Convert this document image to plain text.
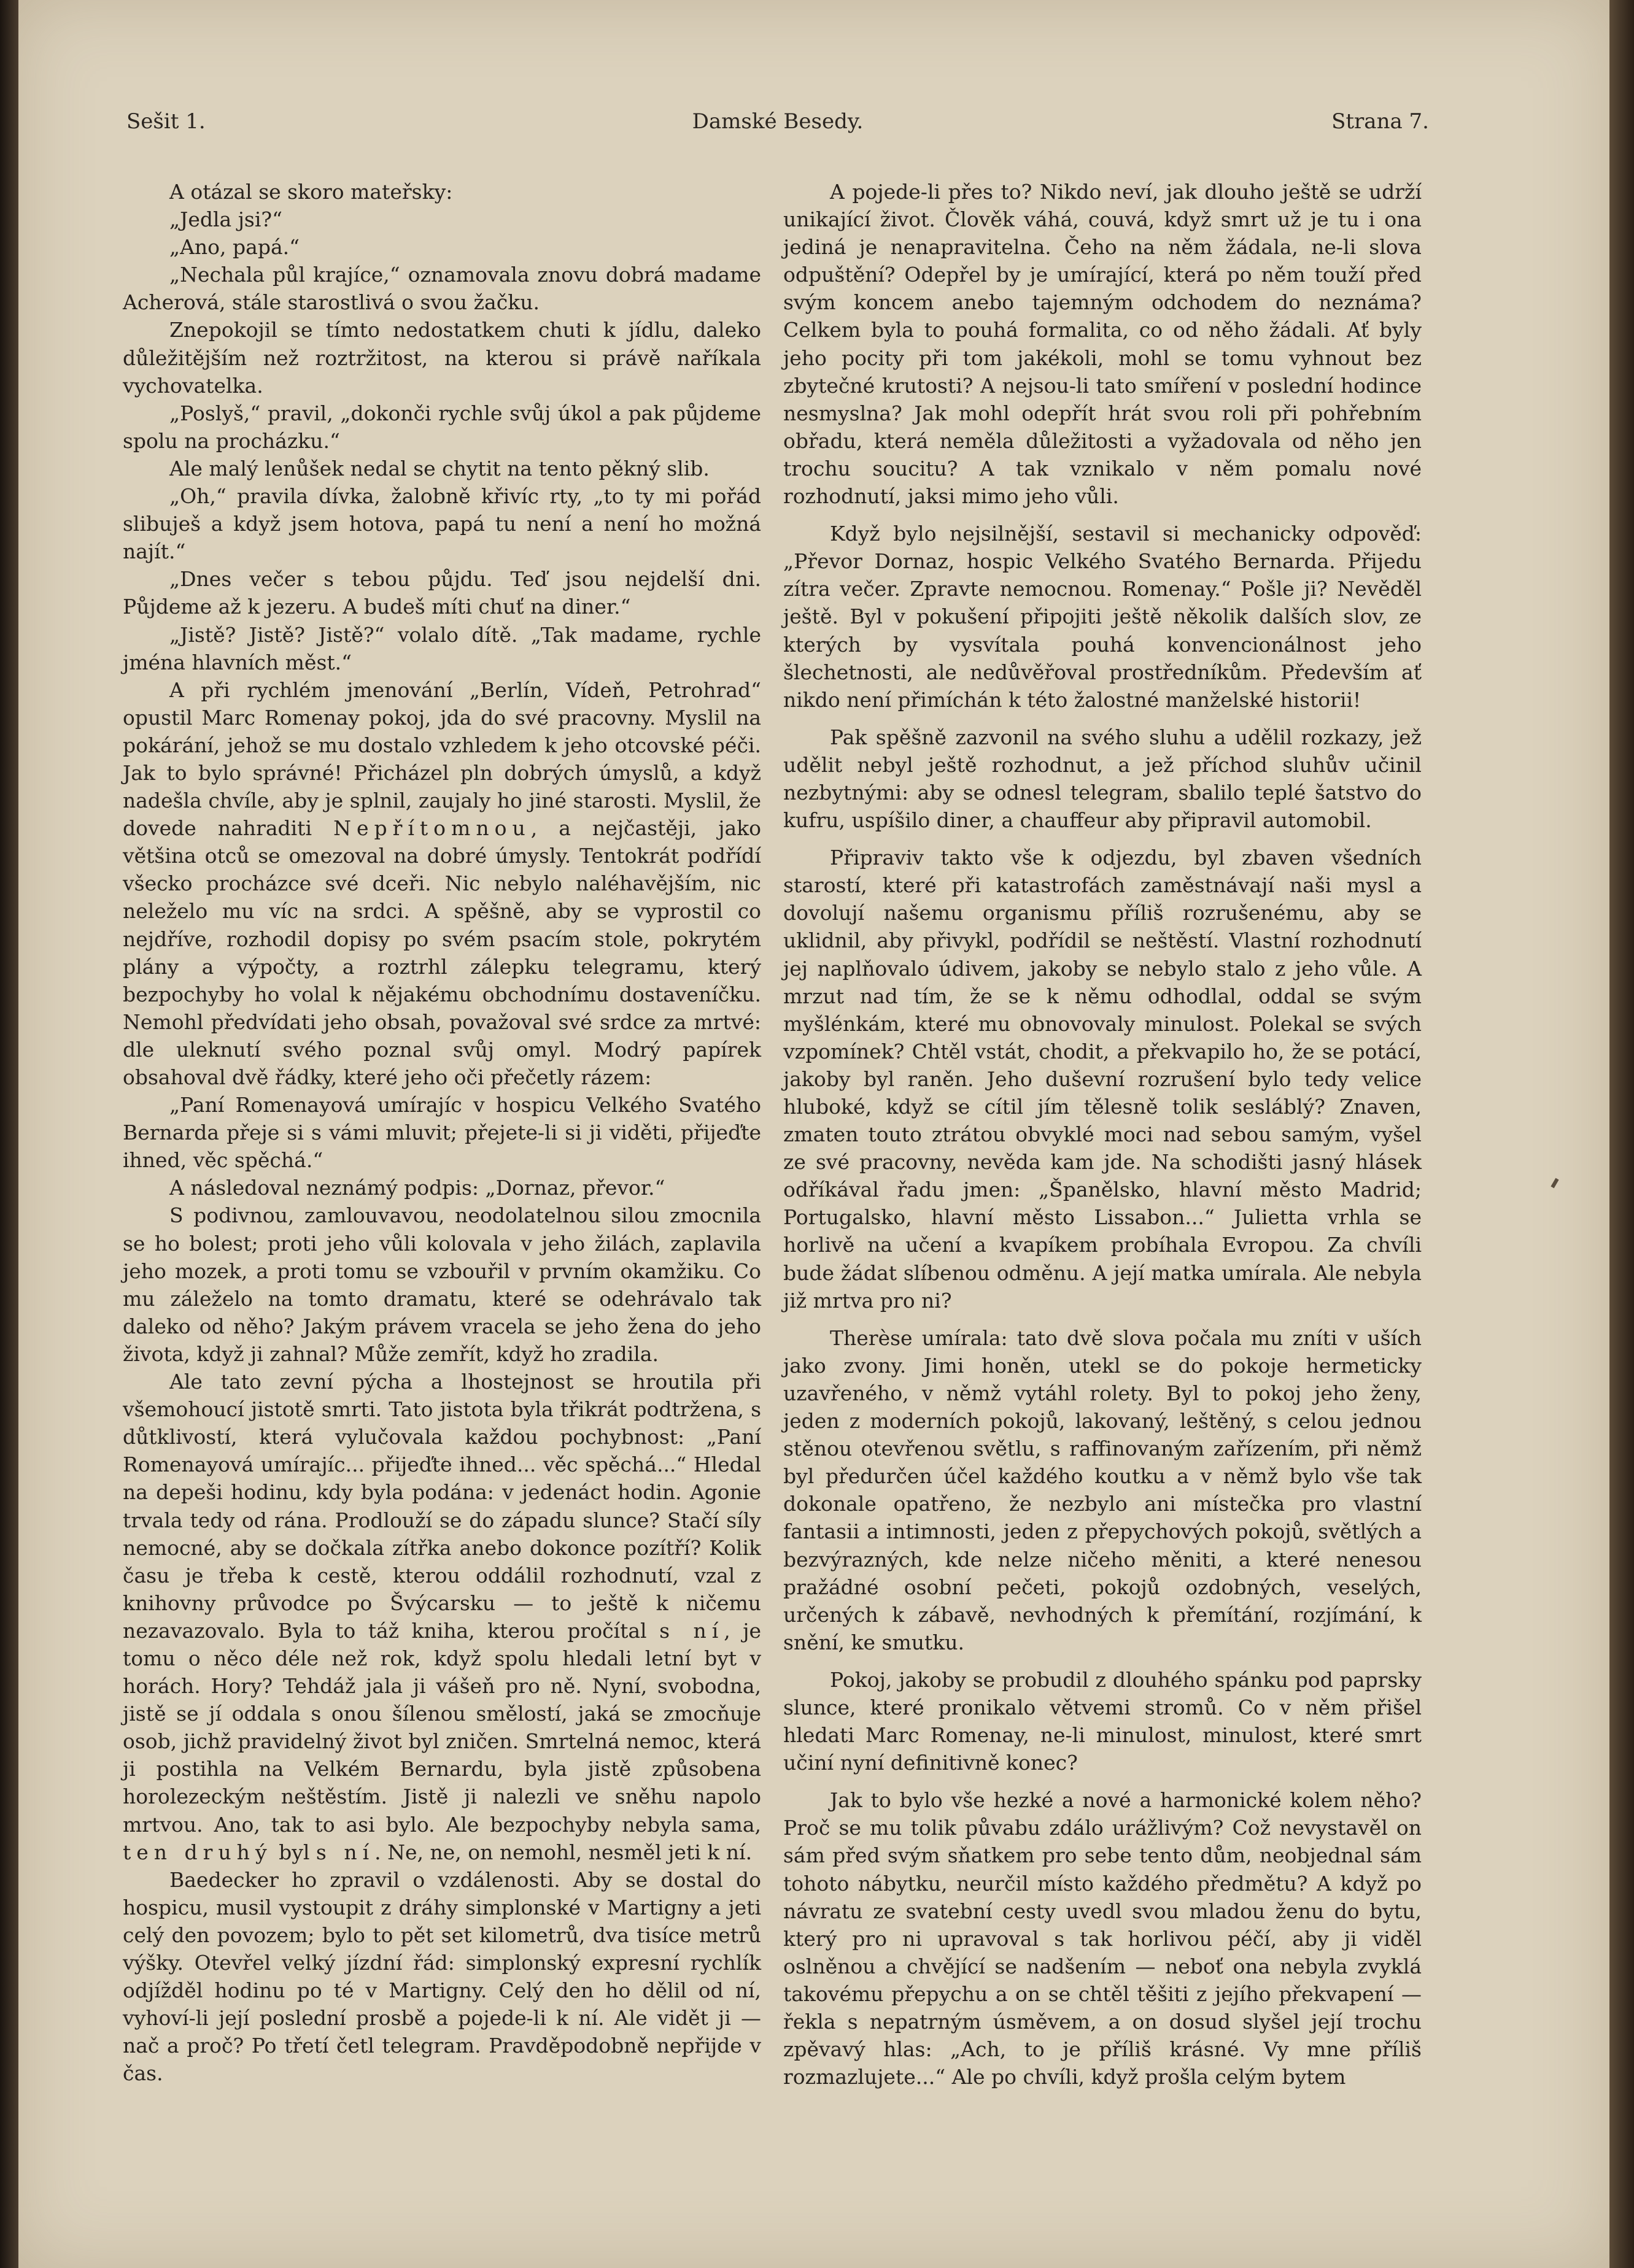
Sešit 1.	Damské Besedy.	Strana 7.

A otázal se skoro mateřsky:

„Jedla jsi?“

„Ano, papá.“

„Nechala půl krajíce,“ oznamovala znovu dobrá madame Acherová, stále starostlivá o svou žačku.

Znepokojil se tímto nedostatkem chuti k jídlu, daleko důležitějším než roztržitost, na kterou si právě naříkala vychovatelka.

„Poslyš,“ pravil, „dokonči rychle svůj úkol a pak půjdeme spolu na procházku.“

Ale malý lenůšek nedal se chytit na tento pěkný slib.

„Oh,“ pravila dívka, žalobně křivíc rty, „to ty mi pořád slibuješ a když jsem hotova, papá tu není a není ho možná najít.“

„Dnes večer s tebou půjdu. Teď jsou nejdelší dni. Půjdeme až k jezeru. A budeš míti chuť na diner.“

„Jistě? Jistě? Jistě?“ volalo dítě. „Tak madame, rychle jména hlavních měst.“

A při rychlém jmenování „Berlín, Vídeň, Petrohrad“ opustil Marc Romenay pokoj, jda do své pracovny. Myslil na pokárání, jehož se mu dostalo vzhledem k jeho otcovské péči. Jak to bylo správné! Přicházel pln dobrých úmyslů, a když nadešla chvíle, aby je splnil, zaujaly ho jiné starosti. Myslil, že dovede nahraditi Nepřítomnou, a nejčastěji, jako většina otců se omezoval na dobré úmysly. Tentokrát podřídí všecko procházce své dceři. Nic nebylo naléhavějším, nic neleželo mu víc na srdci. A spěšně, aby se vyprostil co nejdříve, rozhodil dopisy po svém psacím stole, pokrytém plány a výpočty, a roztrhl zálepku telegramu, který bezpochyby ho volal k nějakému obchodnímu dostaveníčku. Nemohl předvídati jeho obsah, považoval své srdce za mrtvé: dle uleknutí svého poznal svůj omyl. Modrý papírek obsahoval dvě řádky, které jeho oči přečetly rázem:

„Paní Romenayová umírajíc v hospicu Velkého Svatého Bernarda přeje si s vámi mluvit; přejete-li si ji viděti, přijeďte ihned, věc spěchá.“

A následoval neznámý podpis: „Dornaz, převor.“

S podivnou, zamlouvavou, neodolatelnou silou zmocnila se ho bolest; proti jeho vůli kolovala v jeho žilách, zaplavila jeho mozek, a proti tomu se vzbouřil v prvním okamžiku. Co mu záleželo na tomto dramatu, které se odehrávalo tak daleko od něho? Jakým právem vracela se jeho žena do jeho života, když ji zahnal? Může zemřít, když ho zradila.

Ale tato zevní pýcha a lhostejnost se hroutila při všemohoucí jistotě smrti. Tato jistota byla třikrát podtržena, s důtklivostí, která vylučovala každou pochybnost: „Paní Romenayová umírajíc... přijeďte ihned... věc spěchá...“ Hledal na depeši hodinu, kdy byla podána: v jedenáct hodin. Agonie trvala tedy od rána. Prodlouží se do západu slunce? Stačí síly nemocné, aby se dočkala zítřka anebo dokonce pozítří? Kolik času je třeba k cestě, kterou oddálil rozhodnutí, vzal z knihovny průvodce po Švýcarsku — to ještě k ničemu nezavazovalo. Byla to táž kniha, kterou pročítal s ní, je tomu o něco déle než rok, když spolu hledali letní byt v horách. Hory? Tehdáž jala ji vášeň pro ně. Nyní, svobodna, jistě se jí oddala s onou šílenou smělostí, jaká se zmocňuje osob, jichž pravidelný život byl zničen. Smrtelná nemoc, která ji postihla na Velkém Bernardu, byla jistě způsobena horolezeckým neštěstím. Jistě ji nalezli ve sněhu napolo mrtvou. Ano, tak to asi bylo. Ale bezpochyby nebyla sama, ten druhý byl s ní. Ne, ne, on nemohl, nesměl jeti k ní.

Baedecker ho zpravil o vzdálenosti. Aby se dostal do hospicu, musil vystoupit z dráhy simplonské v Martigny a jeti celý den povozem; bylo to pět set kilometrů, dva tisíce metrů výšky. Otevřel velký jízdní řád: simplonský expresní rychlík odjížděl hodinu po té v Martigny. Celý den ho dělil od ní, vyhoví-li její poslední prosbě a pojede-li k ní. Ale vidět ji — nač a proč? Po třetí četl telegram. Pravděpodobně nepřijde v čas.

A pojede-li přes to? Nikdo neví, jak dlouho ještě se udrží unikající život. Člověk váhá, couvá, když smrt už je tu i ona jediná je nenapravitelna. Čeho na něm žádala, ne-li slova odpuštění? Odepřel by je umírající, která po něm touží před svým koncem anebo tajemným odchodem do neznáma? Celkem byla to pouhá formalita, co od něho žádali. Ať byly jeho pocity při tom jakékoli, mohl se tomu vyhnout bez zbytečné krutosti? A nejsou-li tato smíření v poslední hodince nesmyslna? Jak mohl odepřít hrát svou roli při pohřebním obřadu, která neměla důležitosti a vyžadovala od něho jen trochu soucitu? A tak vznikalo v něm pomalu nové rozhodnutí, jaksi mimo jeho vůli.

Když bylo nejsilnější, sestavil si mechanicky odpověď: „Převor Dornaz, hospic Velkého Svatého Bernarda. Přijedu zítra večer. Zpravte nemocnou. Romenay.“ Pošle ji? Nevěděl ještě. Byl v pokušení připojiti ještě několik dalších slov, ze kterých by vysvítala pouhá konvencionálnost jeho šlechetnosti, ale nedůvěřoval prostředníkům. Především ať nikdo není přimíchán k této žalostné manželské historii!

Pak spěšně zazvonil na svého sluhu a udělil rozkazy, jež udělit nebyl ještě rozhodnut, a jež příchod sluhův učinil nezbytnými: aby se odnesl telegram, sbalilo teplé šatstvo do kufru, uspíšilo diner, a chauffeur aby připravil automobil.

Připraviv takto vše k odjezdu, byl zbaven všedních starostí, které při katastrofách zaměstnávají naši mysl a dovolují našemu organismu příliš rozrušenému, aby se uklidnil, aby přivykl, podřídil se neštěstí. Vlastní rozhodnutí jej naplňovalo údivem, jakoby se nebylo stalo z jeho vůle. A mrzut nad tím, že se k němu odhodlal, oddal se svým myšlénkám, které mu obnovovaly minulost. Polekal se svých vzpomínek? Chtěl vstát, chodit, a překvapilo ho, že se potácí, jakoby byl raněn. Jeho duševní rozrušení bylo tedy velice hluboké, když se cítil jím tělesně tolik sesláblý? Znaven, zmaten touto ztrátou obvyklé moci nad sebou samým, vyšel ze své pracovny, nevěda kam jde. Na schodišti jasný hlásek odříkával řadu jmen: „Španělsko, hlavní město Madrid; Portugalsko, hlavní město Lissabon...“ Julietta vrhla se horlivě na učení a kvapíkem probíhala Evropou. Za chvíli bude žádat slíbenou odměnu. A její matka umírala. Ale nebyla již mrtva pro ni?

Therèse umírala: tato dvě slova počala mu zníti v uších jako zvony. Jimi honěn, utekl se do pokoje hermeticky uzavřeného, v němž vytáhl rolety. Byl to pokoj jeho ženy, jeden z moderních pokojů, lakovaný, leštěný, s celou jednou stěnou otevřenou světlu, s raffinovaným zařízením, při němž byl předurčen účel každého koutku a v němž bylo vše tak dokonale opatřeno, že nezbylo ani místečka pro vlastní fantasii a intimnosti, jeden z přepychových pokojů, světlých a bezvýrazných, kde nelze ničeho měniti, a které nenesou pražádné osobní pečeti, pokojů ozdobných, veselých, určených k zábavě, nevhodných k přemítání, rozjímání, k snění, ke smutku.

Pokoj, jakoby se probudil z dlouhého spánku pod paprsky slunce, které pronikalo větvemi stromů. Co v něm přišel hledati Marc Romenay, ne-li minulost, minulost, které smrt učiní nyní definitivně konec?

Jak to bylo vše hezké a nové a harmonické kolem něho? Proč se mu tolik půvabu zdálo urážlivým? Což nevystavěl on sám před svým sňatkem pro sebe tento dům, neobjednal sám tohoto nábytku, neurčil místo každého předmětu? A když po návratu ze svatební cesty uvedl svou mladou ženu do bytu, který pro ni upravoval s tak horlivou péčí, aby ji viděl oslněnou a chvějící se nadšením — neboť ona nebyla zvyklá takovému přepychu a on se chtěl těšiti z jejího překvapení — řekla s nepatrným úsměvem, a on dosud slyšel její trochu zpěvavý hlas: „Ach, to je příliš krásné. Vy mne příliš rozmazlujete...“ Ale po chvíli, když prošla celým bytem
